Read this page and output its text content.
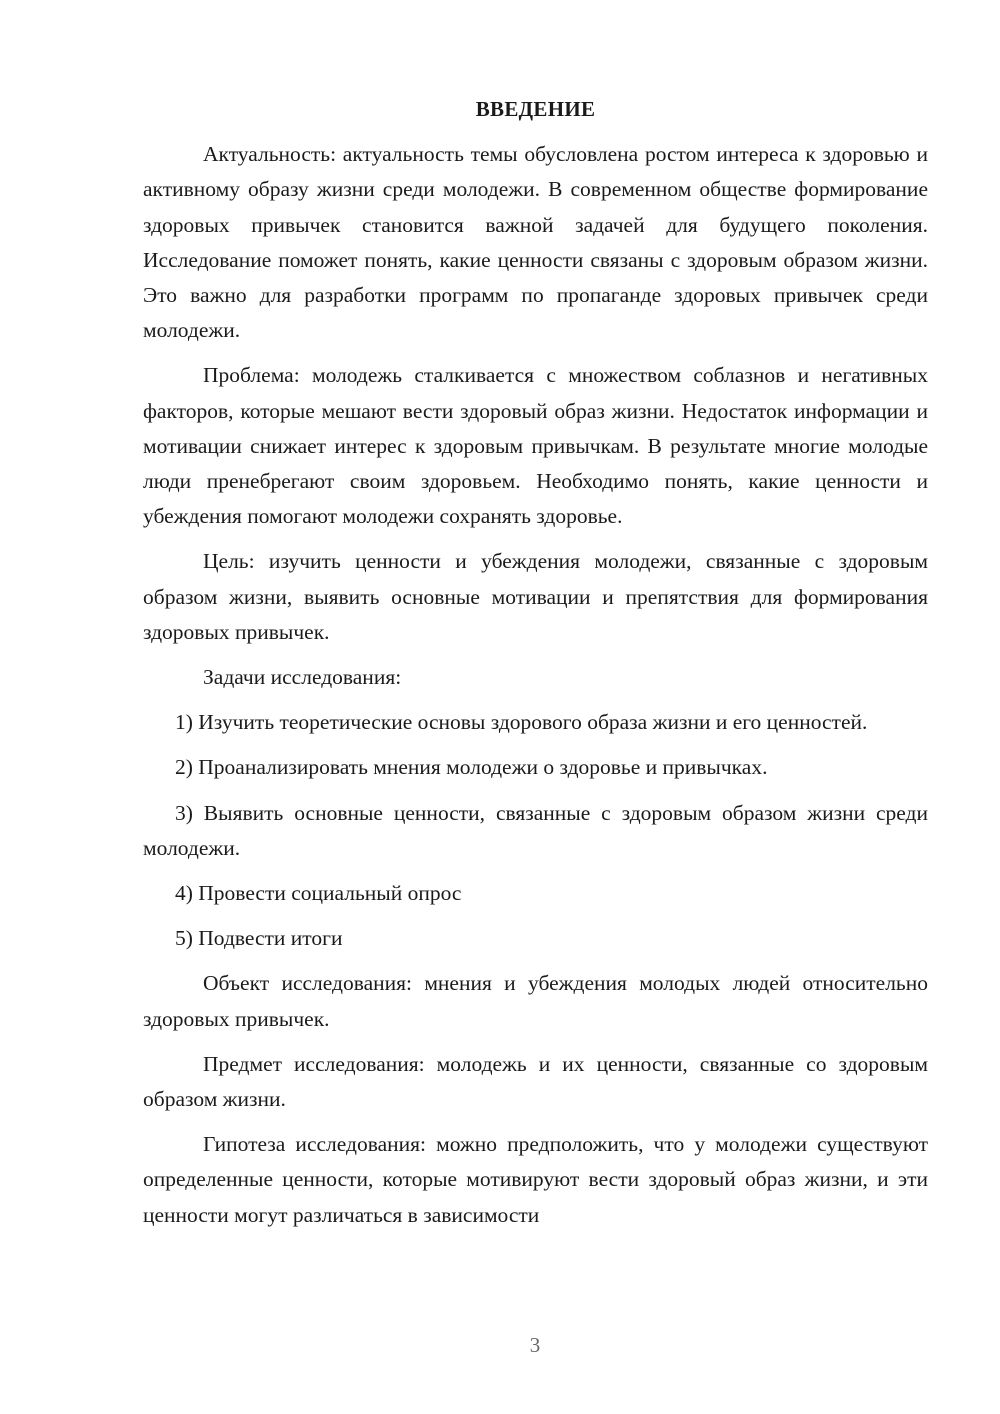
ВВЕДЕНИЕ

Актуальность: актуальность темы обусловлена ростом интереса к здоровью и активному образу жизни среди молодежи. В современном обществе формирование здоровых привычек становится важной задачей для будущего поколения. Исследование поможет понять, какие ценности связаны с здоровым образом жизни. Это важно для разработки программ по пропаганде здоровых привычек среди молодежи.

Проблема: молодежь сталкивается с множеством соблазнов и негативных факторов, которые мешают вести здоровый образ жизни. Недостаток информации и мотивации снижает интерес к здоровым привычкам. В результате многие молодые люди пренебрегают своим здоровьем. Необходимо понять, какие ценности и убеждения помогают молодежи сохранять здоровье.

Цель: изучить ценности и убеждения молодежи, связанные с здоровым образом жизни, выявить основные мотивации и препятствия для формирования здоровых привычек.

Задачи исследования:

1) Изучить теоретические основы здорового образа жизни и его ценностей.

2) Проанализировать мнения молодежи о здоровье и привычках.

3) Выявить основные ценности, связанные с здоровым образом жизни среди молодежи.

4) Провести социальный опрос

5) Подвести итоги

Объект исследования: мнения и убеждения молодых людей относительно здоровых привычек.

Предмет исследования: молодежь и их ценности, связанные со здоровым образом жизни.

Гипотеза исследования: можно предположить, что у молодежи существуют определенные ценности, которые мотивируют вести здоровый образ жизни, и эти ценности могут различаться в зависимости

3
